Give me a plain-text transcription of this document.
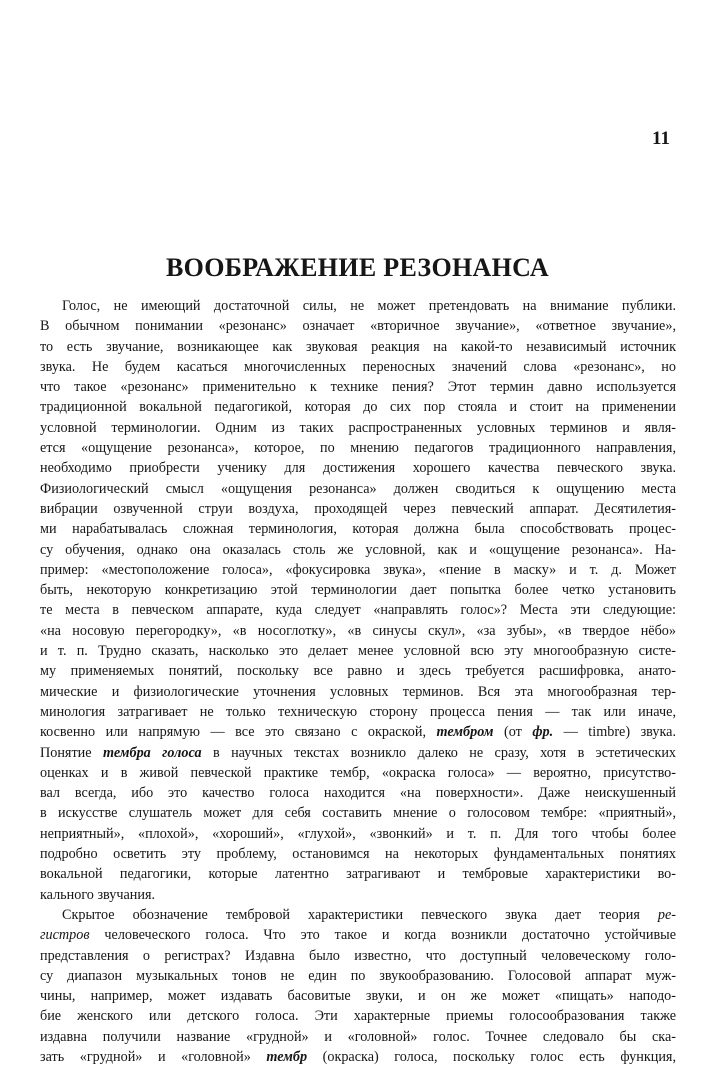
11
ВООБРАЖЕНИЕ РЕЗОНАНСА
Голос, не имеющий достаточной силы, не может претендовать на внимание публики.
В обычном понимании «резонанс» означает «вторичное звучание», «ответное звучание»,
то есть звучание, возникающее как звуковая реакция на какой-то независимый источник
звука. Не будем касаться многочисленных переносных значений слова «резонанс», но
что такое «резонанс» применительно к технике пения? Этот термин давно используется
традиционной вокальной педагогикой, которая до сих пор стояла и стоит на применении
условной терминологии. Одним из таких распространенных условных терминов и явля-
ется «ощущение резонанса», которое, по мнению педагогов традиционного направления,
необходимо приобрести ученику для достижения хорошего качества певческого звука.
Физиологический смысл «ощущения резонанса» должен сводиться к ощущению места
вибрации озвученной струи воздуха, проходящей через певческий аппарат. Десятилетия-
ми нарабатывалась сложная терминология, которая должна была способствовать процес-
су обучения, однако она оказалась столь же условной, как и «ощущение резонанса». На-
пример: «местоположение голоса», «фокусировка звука», «пение в маску» и т. д. Может
быть, некоторую конкретизацию этой терминологии дает попытка более четко установить
те места в певческом аппарате, куда следует «направлять голос»? Места эти следующие:
«на носовую перегородку», «в носоглотку», «в синусы скул», «за зубы», «в твердое нёбо»
и т. п. Трудно сказать, насколько это делает менее условной всю эту многообразную систе-
му применяемых понятий, поскольку все равно и здесь требуется расшифровка, анато-
мические и физиологические уточнения условных терминов. Вся эта многообразная тер-
минология затрагивает не только техническую сторону процесса пения — так или иначе,
косвенно или напрямую — все это связано с окраской, тембром (от фр. — timbre) звука.
Понятие тембра голоса в научных текстах возникло далеко не сразу, хотя в эстетических
оценках и в живой певческой практике тембр, «окраска голоса» — вероятно, присутство-
вал всегда, ибо это качество голоса находится «на поверхности». Даже неискушенный
в искусстве слушатель может для себя составить мнение о голосовом тембре: «приятный»,
неприятный», «плохой», «хороший», «глухой», «звонкий» и т. п. Для того чтобы более
подробно осветить эту проблему, остановимся на некоторых фундаментальных понятиях
вокальной педагогики, которые латентно затрагивают и тембровые характеристики во-
кального звучания.
Скрытое обозначение тембровой характеристики певческого звука дает теория ре-
гистров человеческого голоса. Что это такое и когда возникли достаточно устойчивые
представления о регистрах? Издавна было известно, что доступный человеческому голо-
су диапазон музыкальных тонов не един по звукообразованию. Голосовой аппарат муж-
чины, например, может издавать басовитые звуки, и он же может «пищать» наподо-
бие женского или детского голоса. Эти характерные приемы голосообразования также
издавна получили название «грудной» и «головной» голос. Точнее следовало бы ска-
зать «грудной» и «головной» тембр (окраска) голоса, поскольку голос есть функция,
